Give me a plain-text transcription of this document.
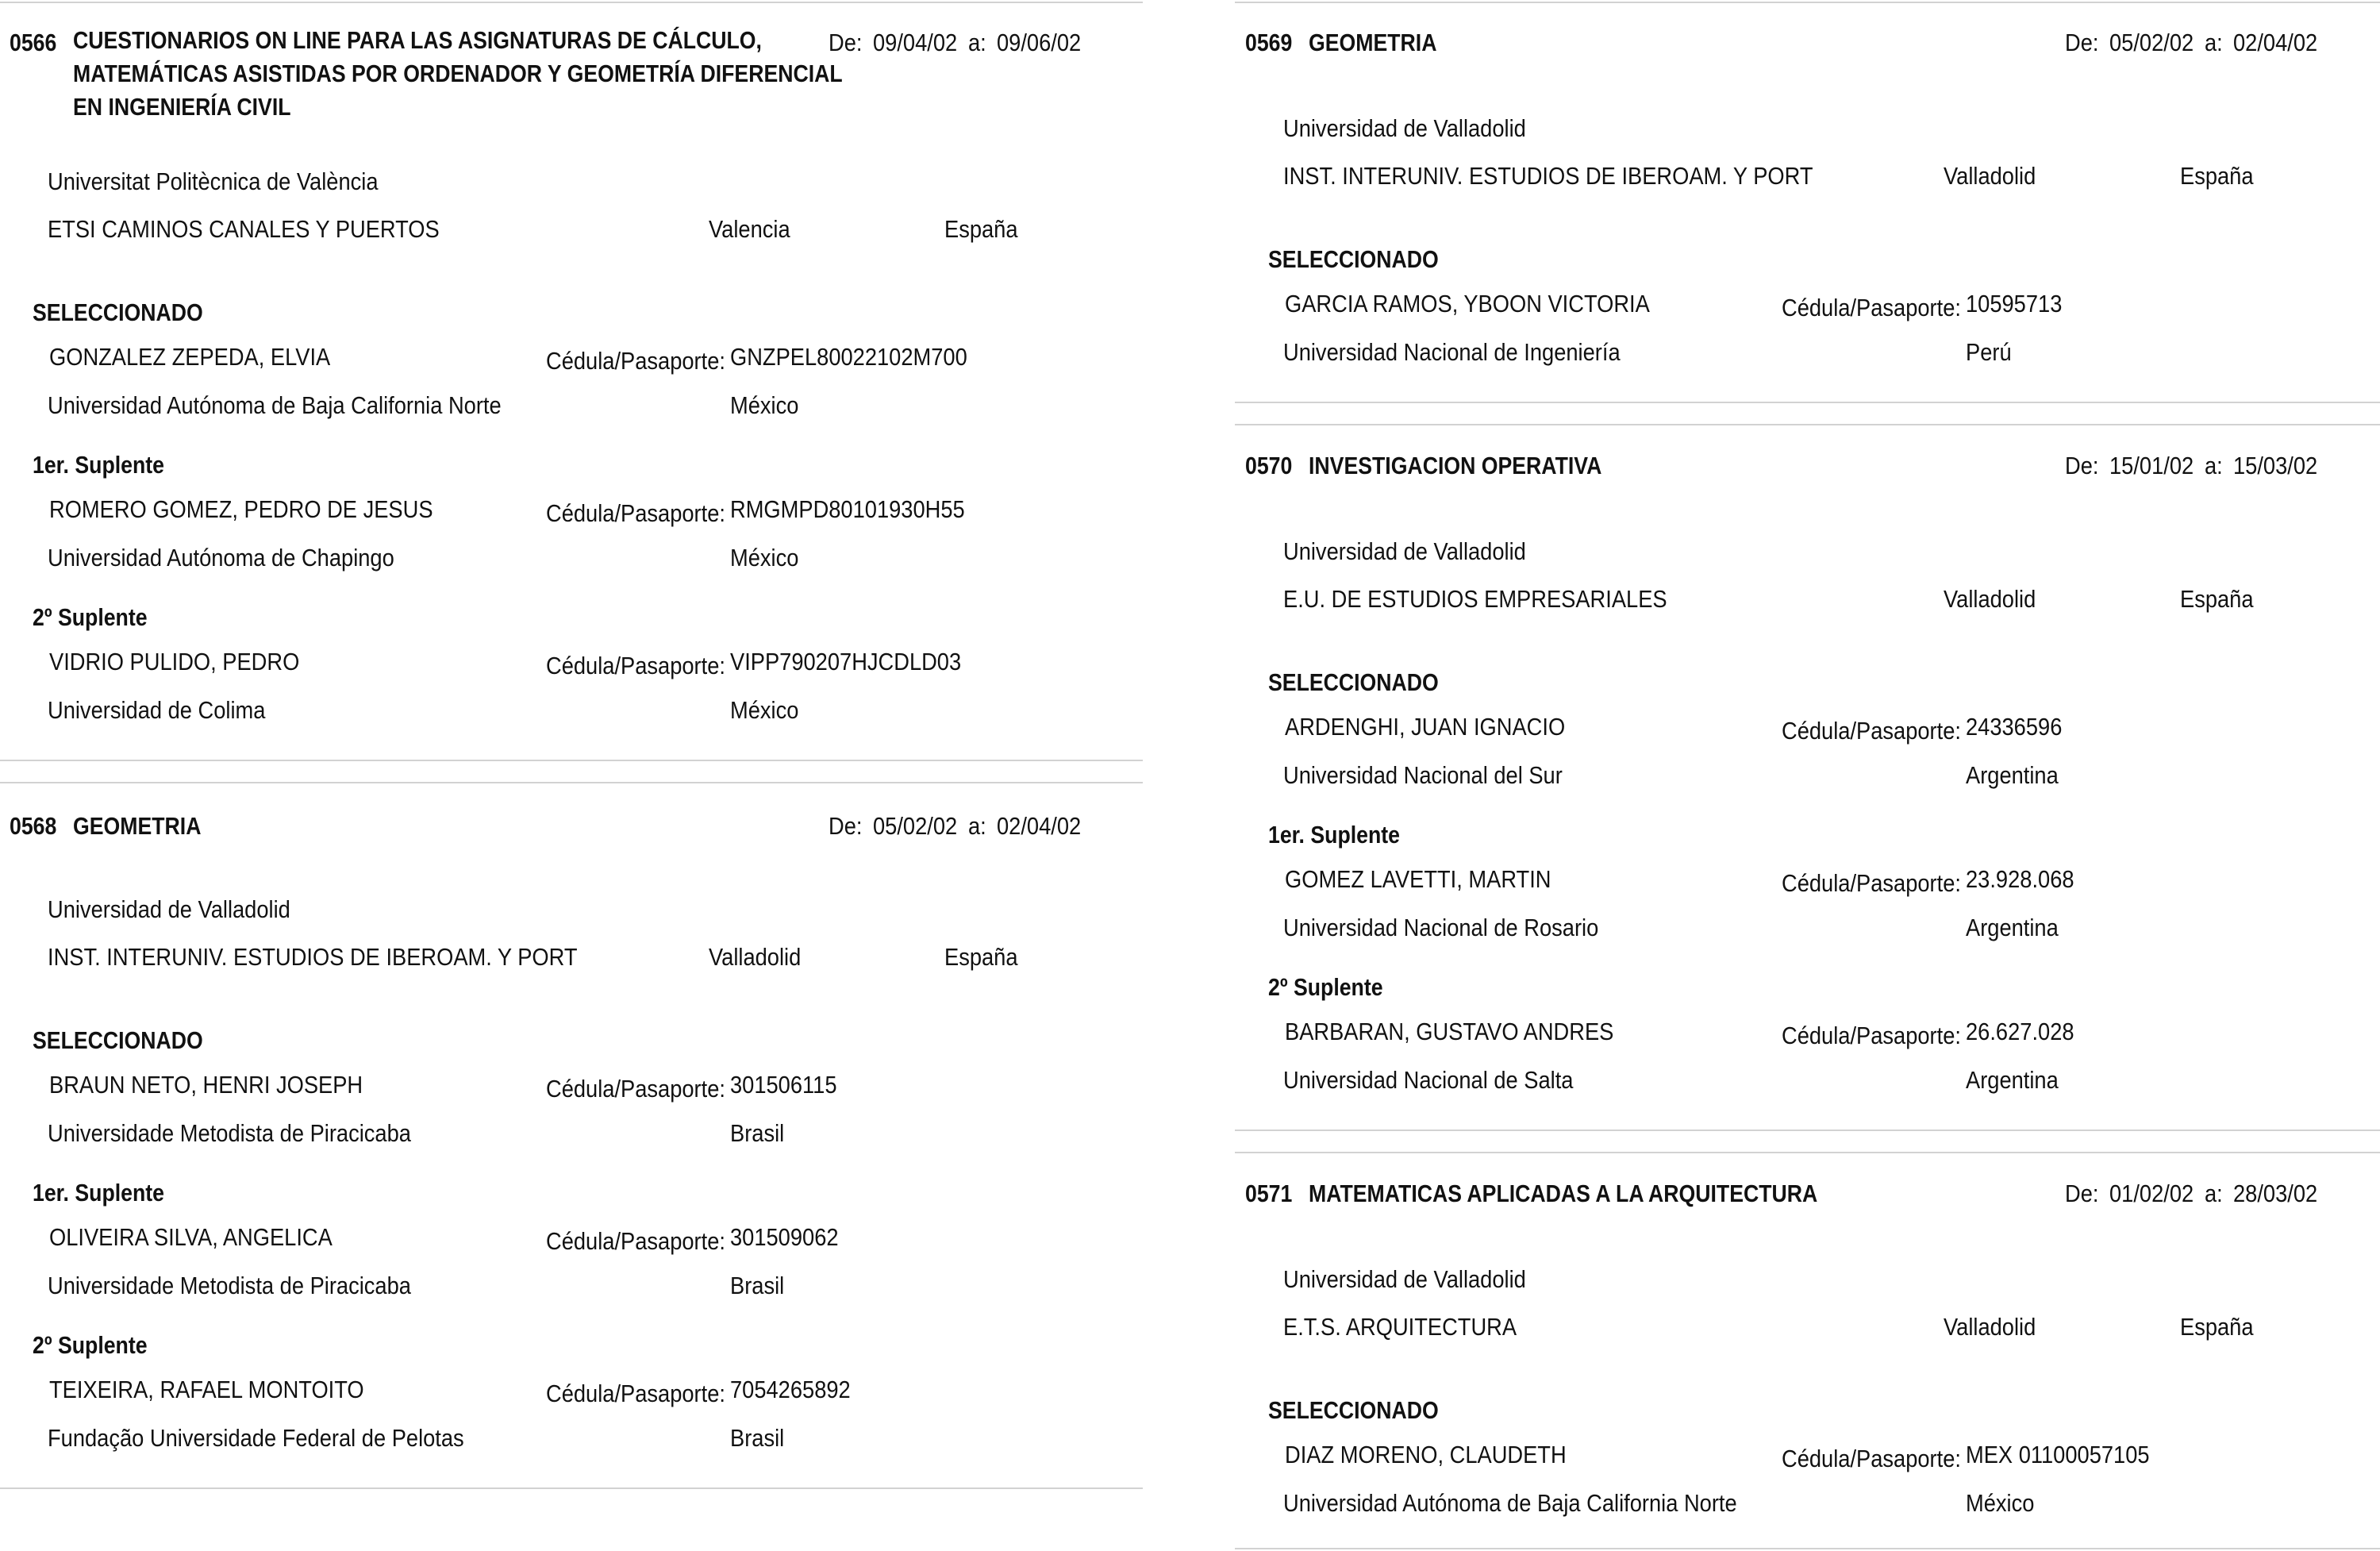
0566 CUESTIONARIOS ON LINE PARA LAS ASIGNATURAS DE CÁLCULO, MATEMÁTICAS ASISTIDAS POR ORDENADOR Y GEOMETRÍA DIFERENCIAL EN INGENIERÍA CIVIL
De: 09/04/02 a: 09/06/02
Universitat Politècnica de València
ETSI CAMINOS CANALES Y PUERTOS	Valencia	España
SELECCIONADO
GONZALEZ ZEPEDA, ELVIA	Cédula/Pasaporte: GNZPEL80022102M700
Universidad Autónoma de Baja California Norte	México
1er. Suplente
ROMERO GOMEZ, PEDRO DE JESUS	Cédula/Pasaporte: RMGMPD80101930H55
Universidad Autónoma de Chapingo	México
2º Suplente
VIDRIO PULIDO, PEDRO	Cédula/Pasaporte: VIPP790207HJCDLD03
Universidad de Colima	México
0568 GEOMETRIA	De: 05/02/02 a: 02/04/02
Universidad de Valladolid
INST. INTERUNIV. ESTUDIOS DE IBEROAM. Y PORT	Valladolid	España
SELECCIONADO
BRAUN NETO, HENRI JOSEPH	Cédula/Pasaporte: 301506115
Universidade Metodista de Piracicaba	Brasil
1er. Suplente
OLIVEIRA SILVA, ANGELICA	Cédula/Pasaporte: 301509062
Universidade Metodista de Piracicaba	Brasil
2º Suplente
TEIXEIRA, RAFAEL MONTOITO	Cédula/Pasaporte: 7054265892
Fundação Universidade Federal de Pelotas	Brasil
0569 GEOMETRIA	De: 05/02/02 a: 02/04/02
Universidad de Valladolid
INST. INTERUNIV. ESTUDIOS DE IBEROAM. Y PORT	Valladolid	España
SELECCIONADO
GARCIA RAMOS, YBOON VICTORIA	Cédula/Pasaporte: 10595713
Universidad Nacional de Ingeniería	Perú
0570 INVESTIGACION OPERATIVA	De: 15/01/02 a: 15/03/02
Universidad de Valladolid
E.U. DE ESTUDIOS EMPRESARIALES	Valladolid	España
SELECCIONADO
ARDENGHI, JUAN IGNACIO	Cédula/Pasaporte: 24336596
Universidad Nacional del Sur	Argentina
1er. Suplente
GOMEZ LAVETTI, MARTIN	Cédula/Pasaporte: 23.928.068
Universidad Nacional de Rosario	Argentina
2º Suplente
BARBARAN, GUSTAVO ANDRES	Cédula/Pasaporte: 26.627.028
Universidad Nacional de Salta	Argentina
0571 MATEMATICAS APLICADAS A LA ARQUITECTURA	De: 01/02/02 a: 28/03/02
Universidad de Valladolid
E.T.S. ARQUITECTURA	Valladolid	España
SELECCIONADO
DIAZ MORENO, CLAUDETH	Cédula/Pasaporte: MEX 01100057105
Universidad Autónoma de Baja California Norte	México
